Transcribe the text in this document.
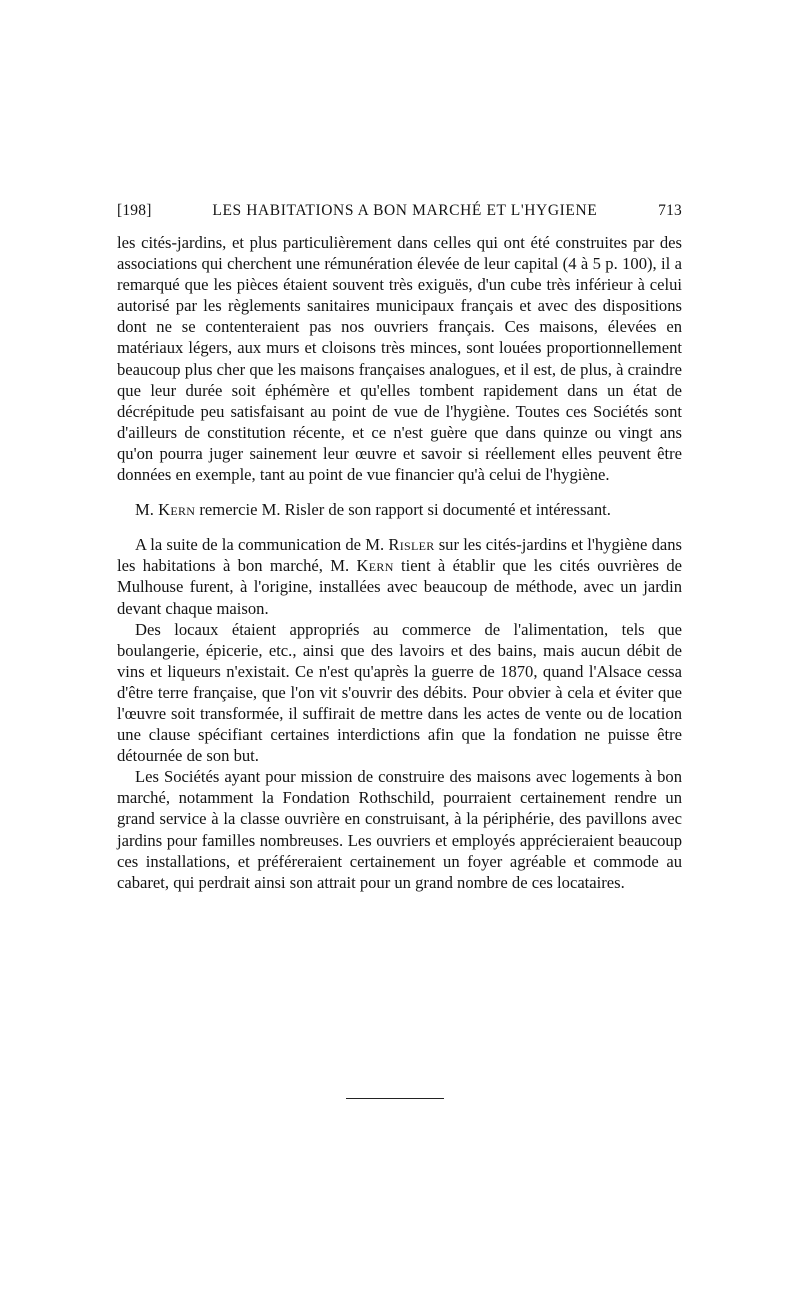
[198]	LES HABITATIONS A BON MARCHÉ ET L'HYGIENE	713

les cités-jardins, et plus particulièrement dans celles qui ont été construites par des associations qui cherchent une rémunération élevée de leur capital (4 à 5 p. 100), il a remarqué que les pièces étaient souvent très exiguës, d'un cube très inférieur à celui autorisé par les règlements sanitaires municipaux français et avec des dispositions dont ne se contenteraient pas nos ouvriers français. Ces maisons, élevées en matériaux légers, aux murs et cloisons très minces, sont louées proportionnellement beaucoup plus cher que les maisons françaises analogues, et il est, de plus, à craindre que leur durée soit éphémère et qu'elles tombent rapidement dans un état de décrépitude peu satisfaisant au point de vue de l'hygiène. Toutes ces Sociétés sont d'ailleurs de constitution récente, et ce n'est guère que dans quinze ou vingt ans qu'on pourra juger sainement leur œuvre et savoir si réellement elles peuvent être données en exemple, tant au point de vue financier qu'à celui de l'hygiène.

M. Kern remercie M. Risler de son rapport si documenté et intéressant.

A la suite de la communication de M. Risler sur les cités-jardins et l'hygiène dans les habitations à bon marché, M. Kern tient à établir que les cités ouvrières de Mulhouse furent, à l'origine, installées avec beaucoup de méthode, avec un jardin devant chaque maison.

Des locaux étaient appropriés au commerce de l'alimentation, tels que boulangerie, épicerie, etc., ainsi que des lavoirs et des bains, mais aucun débit de vins et liqueurs n'existait. Ce n'est qu'après la guerre de 1870, quand l'Alsace cessa d'être terre française, que l'on vit s'ouvrir des débits. Pour obvier à cela et éviter que l'œuvre soit transformée, il suffirait de mettre dans les actes de vente ou de location une clause spécifiant certaines interdictions afin que la fondation ne puisse être détournée de son but.

Les Sociétés ayant pour mission de construire des maisons avec logements à bon marché, notamment la Fondation Rothschild, pourraient certainement rendre un grand service à la classe ouvrière en construisant, à la périphérie, des pavillons avec jardins pour familles nombreuses. Les ouvriers et employés apprécieraient beaucoup ces installations, et préféreraient certainement un foyer agréable et commode au cabaret, qui perdrait ainsi son attrait pour un grand nombre de ces locataires.
